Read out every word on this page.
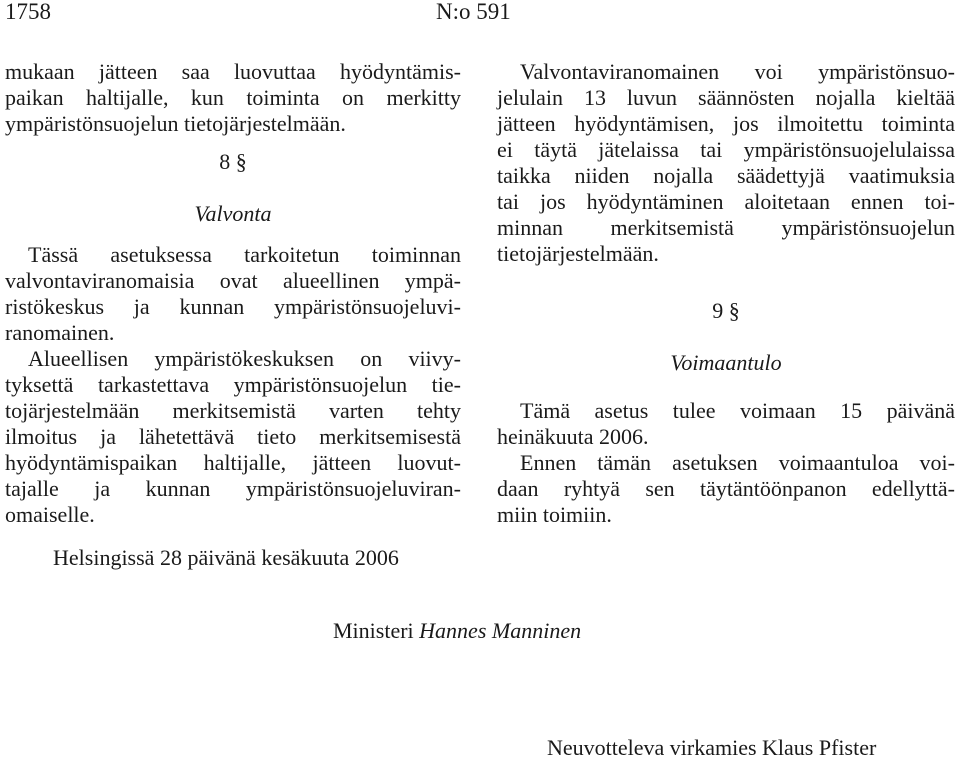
1758	N:o 591
mukaan jätteen saa luovuttaa hyödyntämis-
paikan haltijalle, kun toiminta on merkitty
ympäristönsuojelun tietojärjestelmään.
8 §
Valvonta
Tässä asetuksessa tarkoitetun toiminnan
valvontaviranomaisia ovat alueellinen ympä-
ristökeskus ja kunnan ympäristönsuojeluvi-
ranomainen.
Alueellisen ympäristökeskuksen on viivy-
tyksettä tarkastettava ympäristönsuojelun tie-
tojärjestelmään merkitsemistä varten tehty
ilmoitus ja lähetettävä tieto merkitsemisestä
hyödyntämispaikan haltijalle, jätteen luovut-
tajalle ja kunnan ympäristönsuojeluviran-
omaiselle.
Valvontaviranomainen voi ympäristönsuo-
jelulain 13 luvun säännösten nojalla kieltää
jätteen hyödyntämisen, jos ilmoitettu toiminta
ei täytä jätelaissa tai ympäristönsuojelulaissa
taikka niiden nojalla säädettyjä vaatimuksia
tai jos hyödyntäminen aloitetaan ennen toi-
minnan merkitsemistä ympäristönsuojelun
tietojärjestelmään.
9 §
Voimaantulo
Tämä asetus tulee voimaan 15 päivänä
heinäkuuta 2006.
Ennen tämän asetuksen voimaantuloa voi-
daan ryhtyä sen täytäntöönpanon edellyttä-
miin toimiin.
Helsingissä 28 päivänä kesäkuuta 2006
Ministeri Hannes Manninen
Neuvotteleva virkamies Klaus Pfister
